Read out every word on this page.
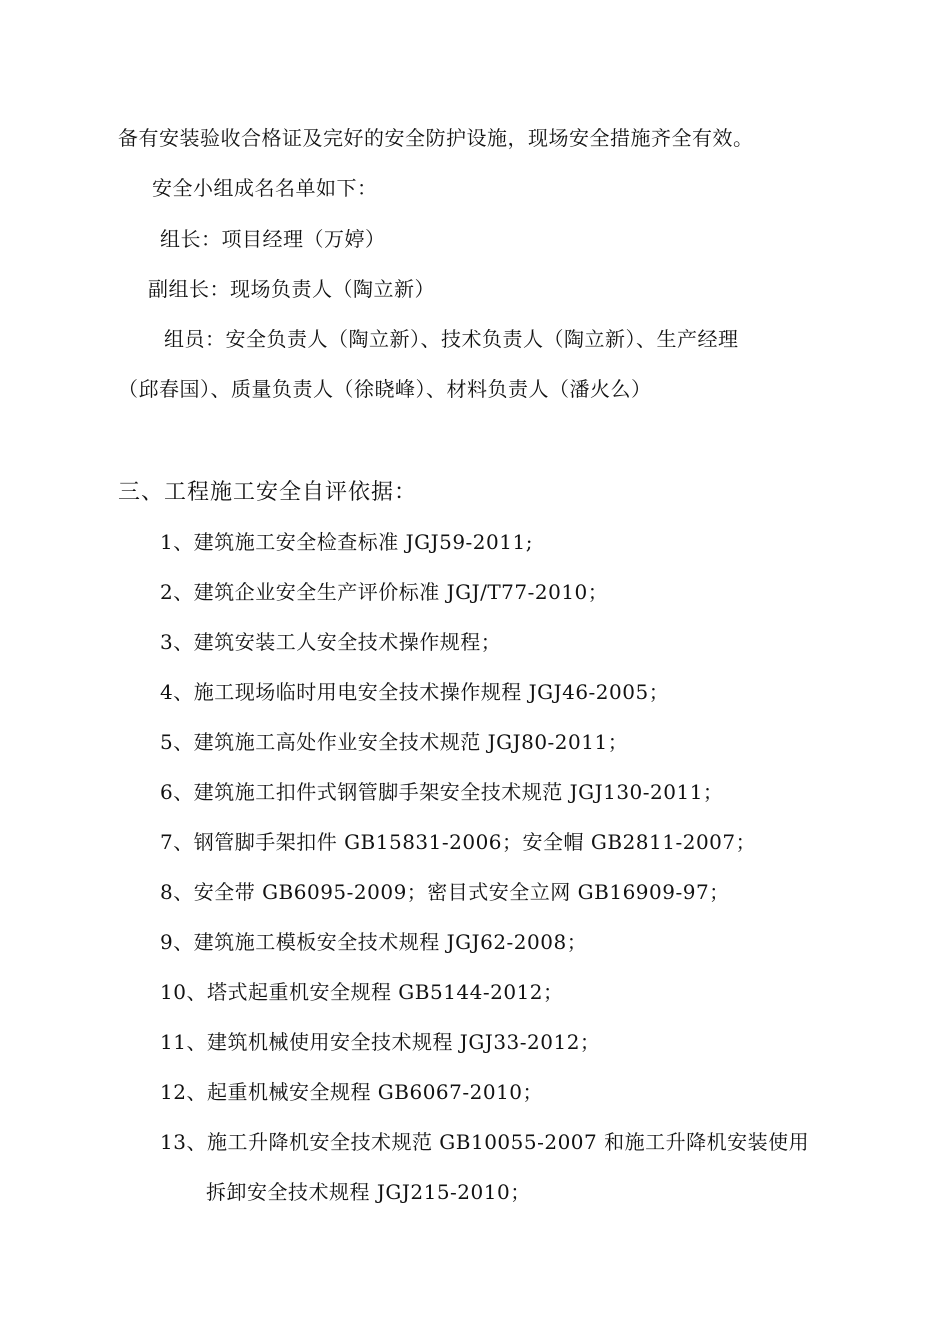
备有安装验收合格证及完好的安全防护设施，现场安全措施齐全有效。
安全小组成名名单如下：
组长：项目经理（万婷）
副组长：现场负责人（陶立新）
组员：安全负责人（陶立新）、技术负责人（陶立新）、生产经理
（邱春国）、质量负责人（徐晓峰）、材料负责人（潘火么）
三、工程施工安全自评依据：
1、建筑施工安全检查标准 JGJ59-2011;
2、建筑企业安全生产评价标准 JGJ/T77-2010；
3、建筑安装工人安全技术操作规程；
4、施工现场临时用电安全技术操作规程 JGJ46-2005；
5、建筑施工高处作业安全技术规范 JGJ80-2011；
6、建筑施工扣件式钢管脚手架安全技术规范 JGJ130-2011；
7、钢管脚手架扣件 GB15831-2006；安全帽 GB2811-2007；
8、安全带 GB6095-2009；密目式安全立网 GB16909-97；
9、建筑施工模板安全技术规程 JGJ62-2008；
10、塔式起重机安全规程 GB5144-2012；
11、建筑机械使用安全技术规程 JGJ33-2012；
12、起重机械安全规程 GB6067-2010；
13、施工升降机安全技术规范 GB10055-2007 和施工升降机安装使用
拆卸安全技术规程 JGJ215-2010；
